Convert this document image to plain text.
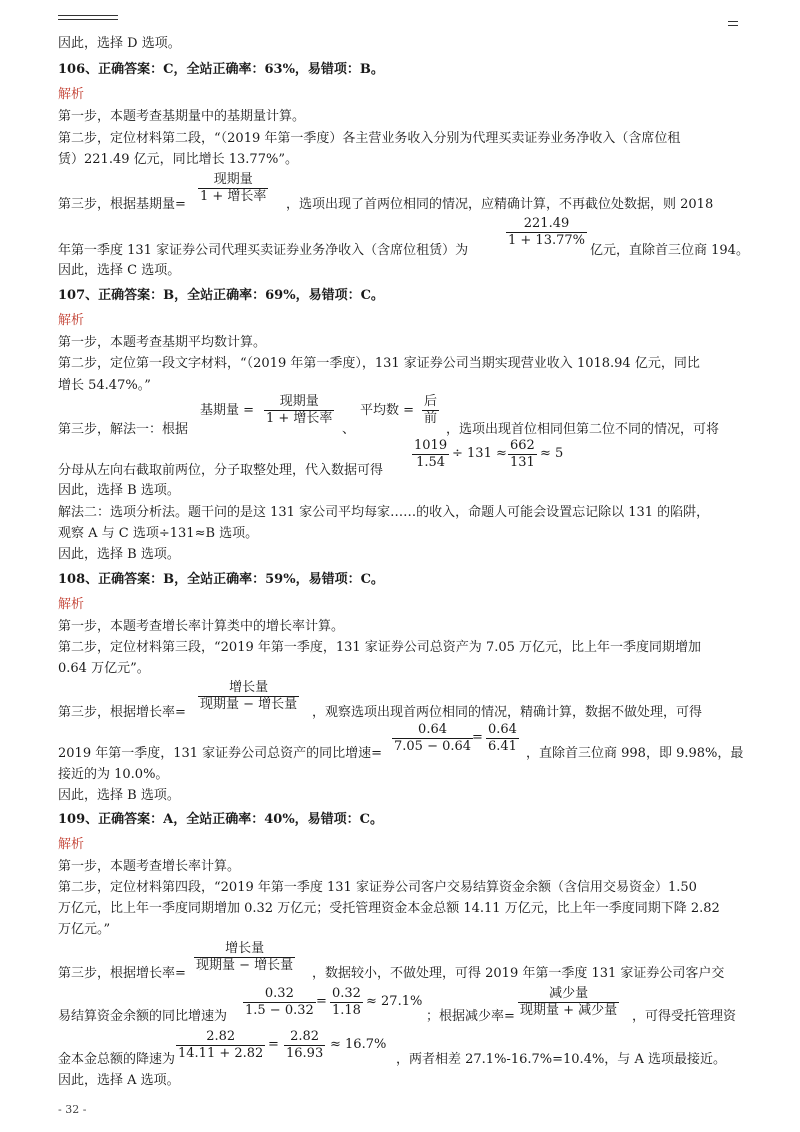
因此，选择 D 选项。
106、正确答案：C，全站正确率：63%，易错项：B。
解析
第一步，本题考查基期量中的基期量计算。
第二步，定位材料第二段，“（2019 年第一季度）各主营业务收入分别为代理买卖证券业务净收入（含席位租
赁）221.49 亿元，同比增长 13.77%”。
第三步，根据基期量=
现期量
1 + 增长率
，选项出现了首两位相同的情况，应精确计算，不再截位处数据，则 2018
年第一季度 131 家证券公司代理买卖证券业务净收入（含席位租赁）为
$\frac{221.49}{1 + 13.77\%}$
亿元，直除首三位商 194。
因此，选择 C 选项。
107、正确答案：B，全站正确率：69%，易错项：C。
解析
第一步，本题考查基期平均数计算。
第二步，定位第一段文字材料，“（2019 年第一季度），131 家证券公司当期实现营业收入 1018.94 亿元，同比
增长 54.47%。”
第三步，解法一：根据
基期量 =
现期量
1 + 增长率
、
平均数 =
后
前
，选项出现首位相同但第二位不同的情况，可将
分母从左向右截取前两位，分子取整处理，代入数据可得 $\frac{1019}{1.54} \div 131 \approx \frac{662}{131} \approx 5$
因此，选择 B 选项。
解法二：选项分析法。题干问的是这 131 家公司平均每家……的收入，命题人可能会设置忘记除以 131 的陷阱，
观察 A 与 C 选项÷131≈B 选项。
因此，选择 B 选项。
108、正确答案：B，全站正确率：59%，易错项：C。
解析
第一步，本题考查增长率计算类中的增长率计算。
第二步，定位材料第三段，“2019 年第一季度，131 家证券公司总资产为 7.05 万亿元，比上年一季度同期增加
0.64 万亿元”。
第三步，根据增长率=
增长量
现期量 − 增长量
，观察选项出现首两位相同的情况，精确计算，数据不做处理，可得
2019 年第一季度，131 家证券公司总资产的同比增速= $\frac{0.64}{7.05 - 0.64}$
= $\frac{0.64}{6.41}$ ，直除首三位商 998，即 9.98%，最
接近的为 10.0%。
因此，选择 B 选项。
109、正确答案：A，全站正确率：40%，易错项：C。
解析
第一步，本题考查增长率计算。
第二步，定位材料第四段，“2019 年第一季度 131 家证券公司客户交易结算资金余额（含信用交易资金）1.50
万亿元，比上年一季度同期增加 0.32 万亿元；受托管理资金本金总额 14.11 万亿元，比上年一季度同期下降 2.82
万亿元。”
第三步，根据增长率=
增长量
现期量 − 增长量
，数据较小，不做处理，可得 2019 年第一季度 131 家证券公司客户交
易结算资金余额的同比增速为 $\frac{0.32}{1.5 - 0.32} = \frac{0.32}{1.18} \approx 27.1\%$
；根据减少率=
减少量
现期量 + 减少量 ，可得受托管理资
金本金总额的降速为 $\frac{2.82}{14.11 + 2.82} = \frac{2.82}{16.93} \approx 16.7\%$
，两者相差 27.1%-16.7%=10.4%，与 A 选项最接近。
因此，选择 A 选项。
- 32 -
